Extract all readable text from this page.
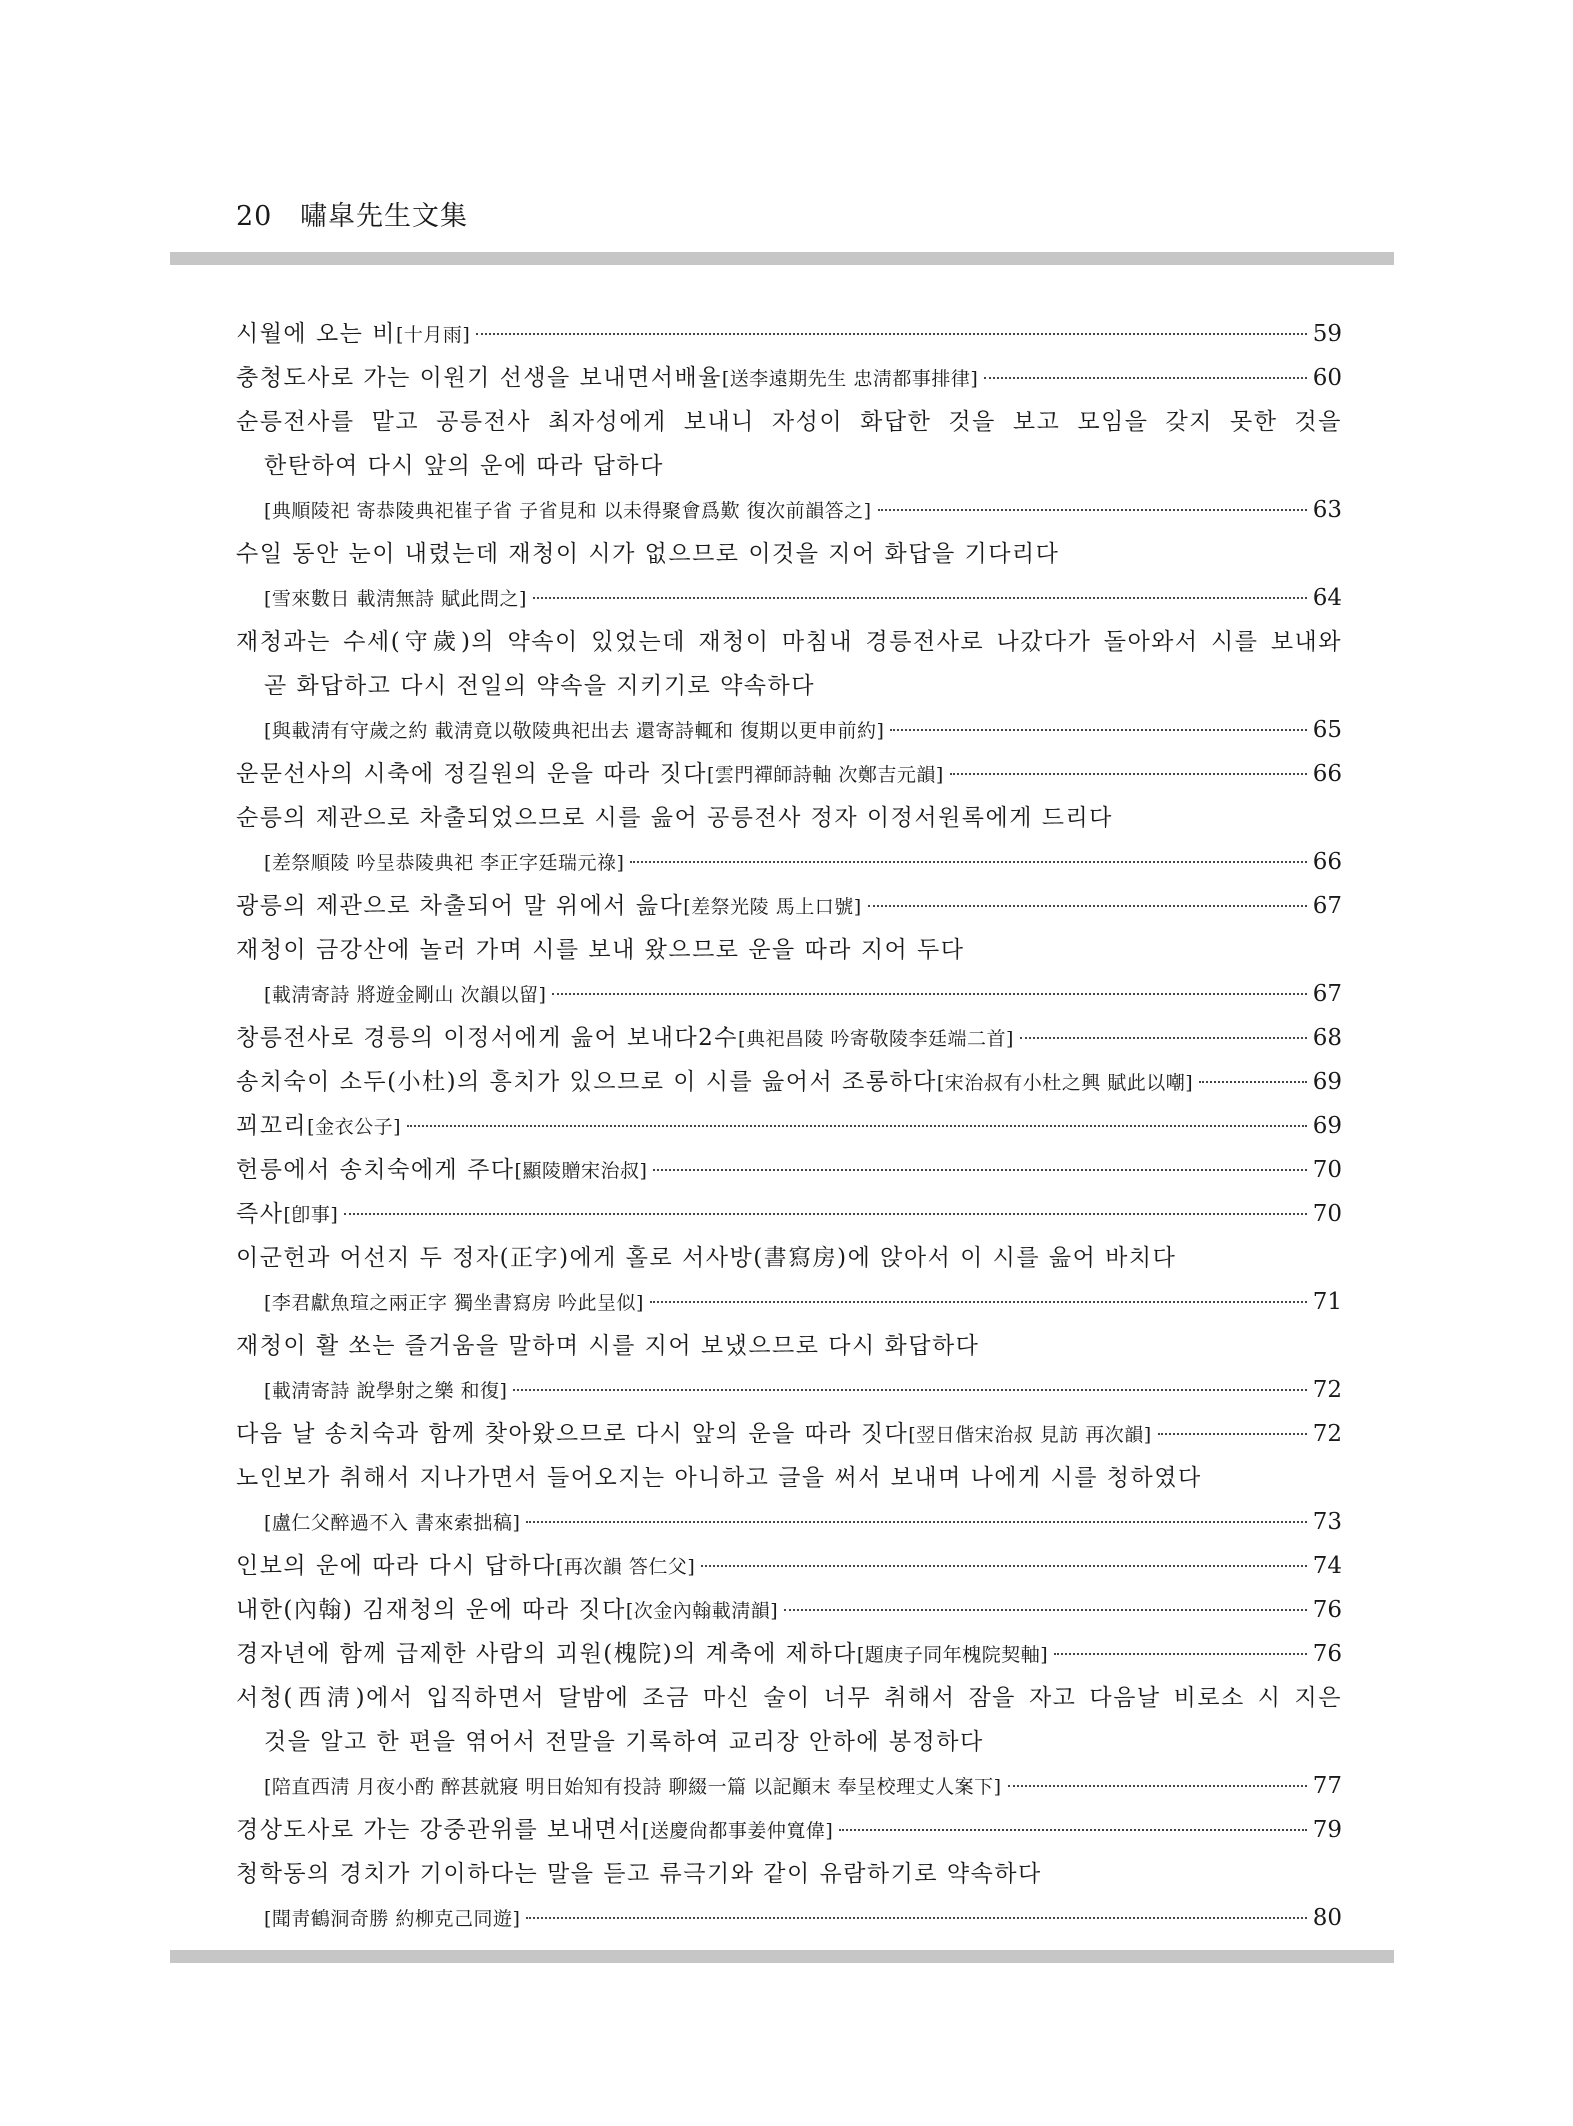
20 嘯皐先生文集
시월에 오는 비 [十月雨]	59
충청도사로 가는 이원기 선생을 보내면서배율 [送李遠期先生 忠淸都事排律]	60
순릉전사를 맡고 공릉전사 최자성에게 보내니 자성이 화답한 것을 보고 모임을 갖지 못한 것을
한탄하여 다시 앞의 운에 따라 답하다
[典順陵祀 寄恭陵典祀崔子省 子省見和 以未得聚會爲歎 復次前韻答之]	63
수일 동안 눈이 내렸는데 재청이 시가 없으므로 이것을 지어 화답을 기다리다
[雪來數日 載淸無詩 賦此問之]	64
재청과는 수세(守歲)의 약속이 있었는데 재청이 마침내 경릉전사로 나갔다가 돌아와서 시를 보내와
곧 화답하고 다시 전일의 약속을 지키기로 약속하다
[與載淸有守歲之約 載淸竟以敬陵典祀出去 還寄詩輒和 復期以更申前約]	65
운문선사의 시축에 정길원의 운을 따라 짓다 [雲門禪師詩軸 次鄭吉元韻]	66
순릉의 제관으로 차출되었으므로 시를 읊어 공릉전사 정자 이정서원록에게 드리다
[差祭順陵 吟呈恭陵典祀 李正字廷瑞元祿]	66
광릉의 제관으로 차출되어 말 위에서 읊다 [差祭光陵 馬上口號]	67
재청이 금강산에 놀러 가며 시를 보내 왔으므로 운을 따라 지어 두다
[載淸寄詩 將遊金剛山 次韻以留]	67
창릉전사로 경릉의 이정서에게 읊어 보내다2수 [典祀昌陵 吟寄敬陵李廷端二首]	68
송치숙이 소두(小杜)의 흥치가 있으므로 이 시를 읊어서 조롱하다 [宋治叔有小杜之興 賦此以嘲]	69
꾀꼬리 [金衣公子]	69
헌릉에서 송치숙에게 주다 [顯陵贈宋治叔]	70
즉사 [卽事]	70
이군헌과 어선지 두 정자(正字)에게 홀로 서사방(書寫房)에 앉아서 이 시를 읊어 바치다
[李君獻魚瑄之兩正字 獨坐書寫房 吟此呈似]	71
재청이 활 쏘는 즐거움을 말하며 시를 지어 보냈으므로 다시 화답하다
[載淸寄詩 說學射之樂 和復]	72
다음 날 송치숙과 함께 찾아왔으므로 다시 앞의 운을 따라 짓다 [翌日偕宋治叔 見訪 再次韻]	72
노인보가 취해서 지나가면서 들어오지는 아니하고 글을 써서 보내며 나에게 시를 청하였다
[盧仁父醉過不入 書來索拙稿]	73
인보의 운에 따라 다시 답하다 [再次韻 答仁父]	74
내한(內翰) 김재청의 운에 따라 짓다 [次金內翰載淸韻]	76
경자년에 함께 급제한 사람의 괴원(槐院)의 계축에 제하다 [題庚子同年槐院契軸]	76
서청(西淸)에서 입직하면서 달밤에 조금 마신 술이 너무 취해서 잠을 자고 다음날 비로소 시 지은
것을 알고 한 편을 엮어서 전말을 기록하여 교리장 안하에 봉정하다
[陪直西淸 月夜小酌 醉甚就寢 明日始知有投詩 聊綴一篇 以記顚末 奉呈校理丈人案下]	77
경상도사로 가는 강중관위를 보내면서 [送慶尙都事姜仲寬偉]	79
청학동의 경치가 기이하다는 말을 듣고 류극기와 같이 유람하기로 약속하다
[聞靑鶴洞奇勝 約柳克己同遊]	80
